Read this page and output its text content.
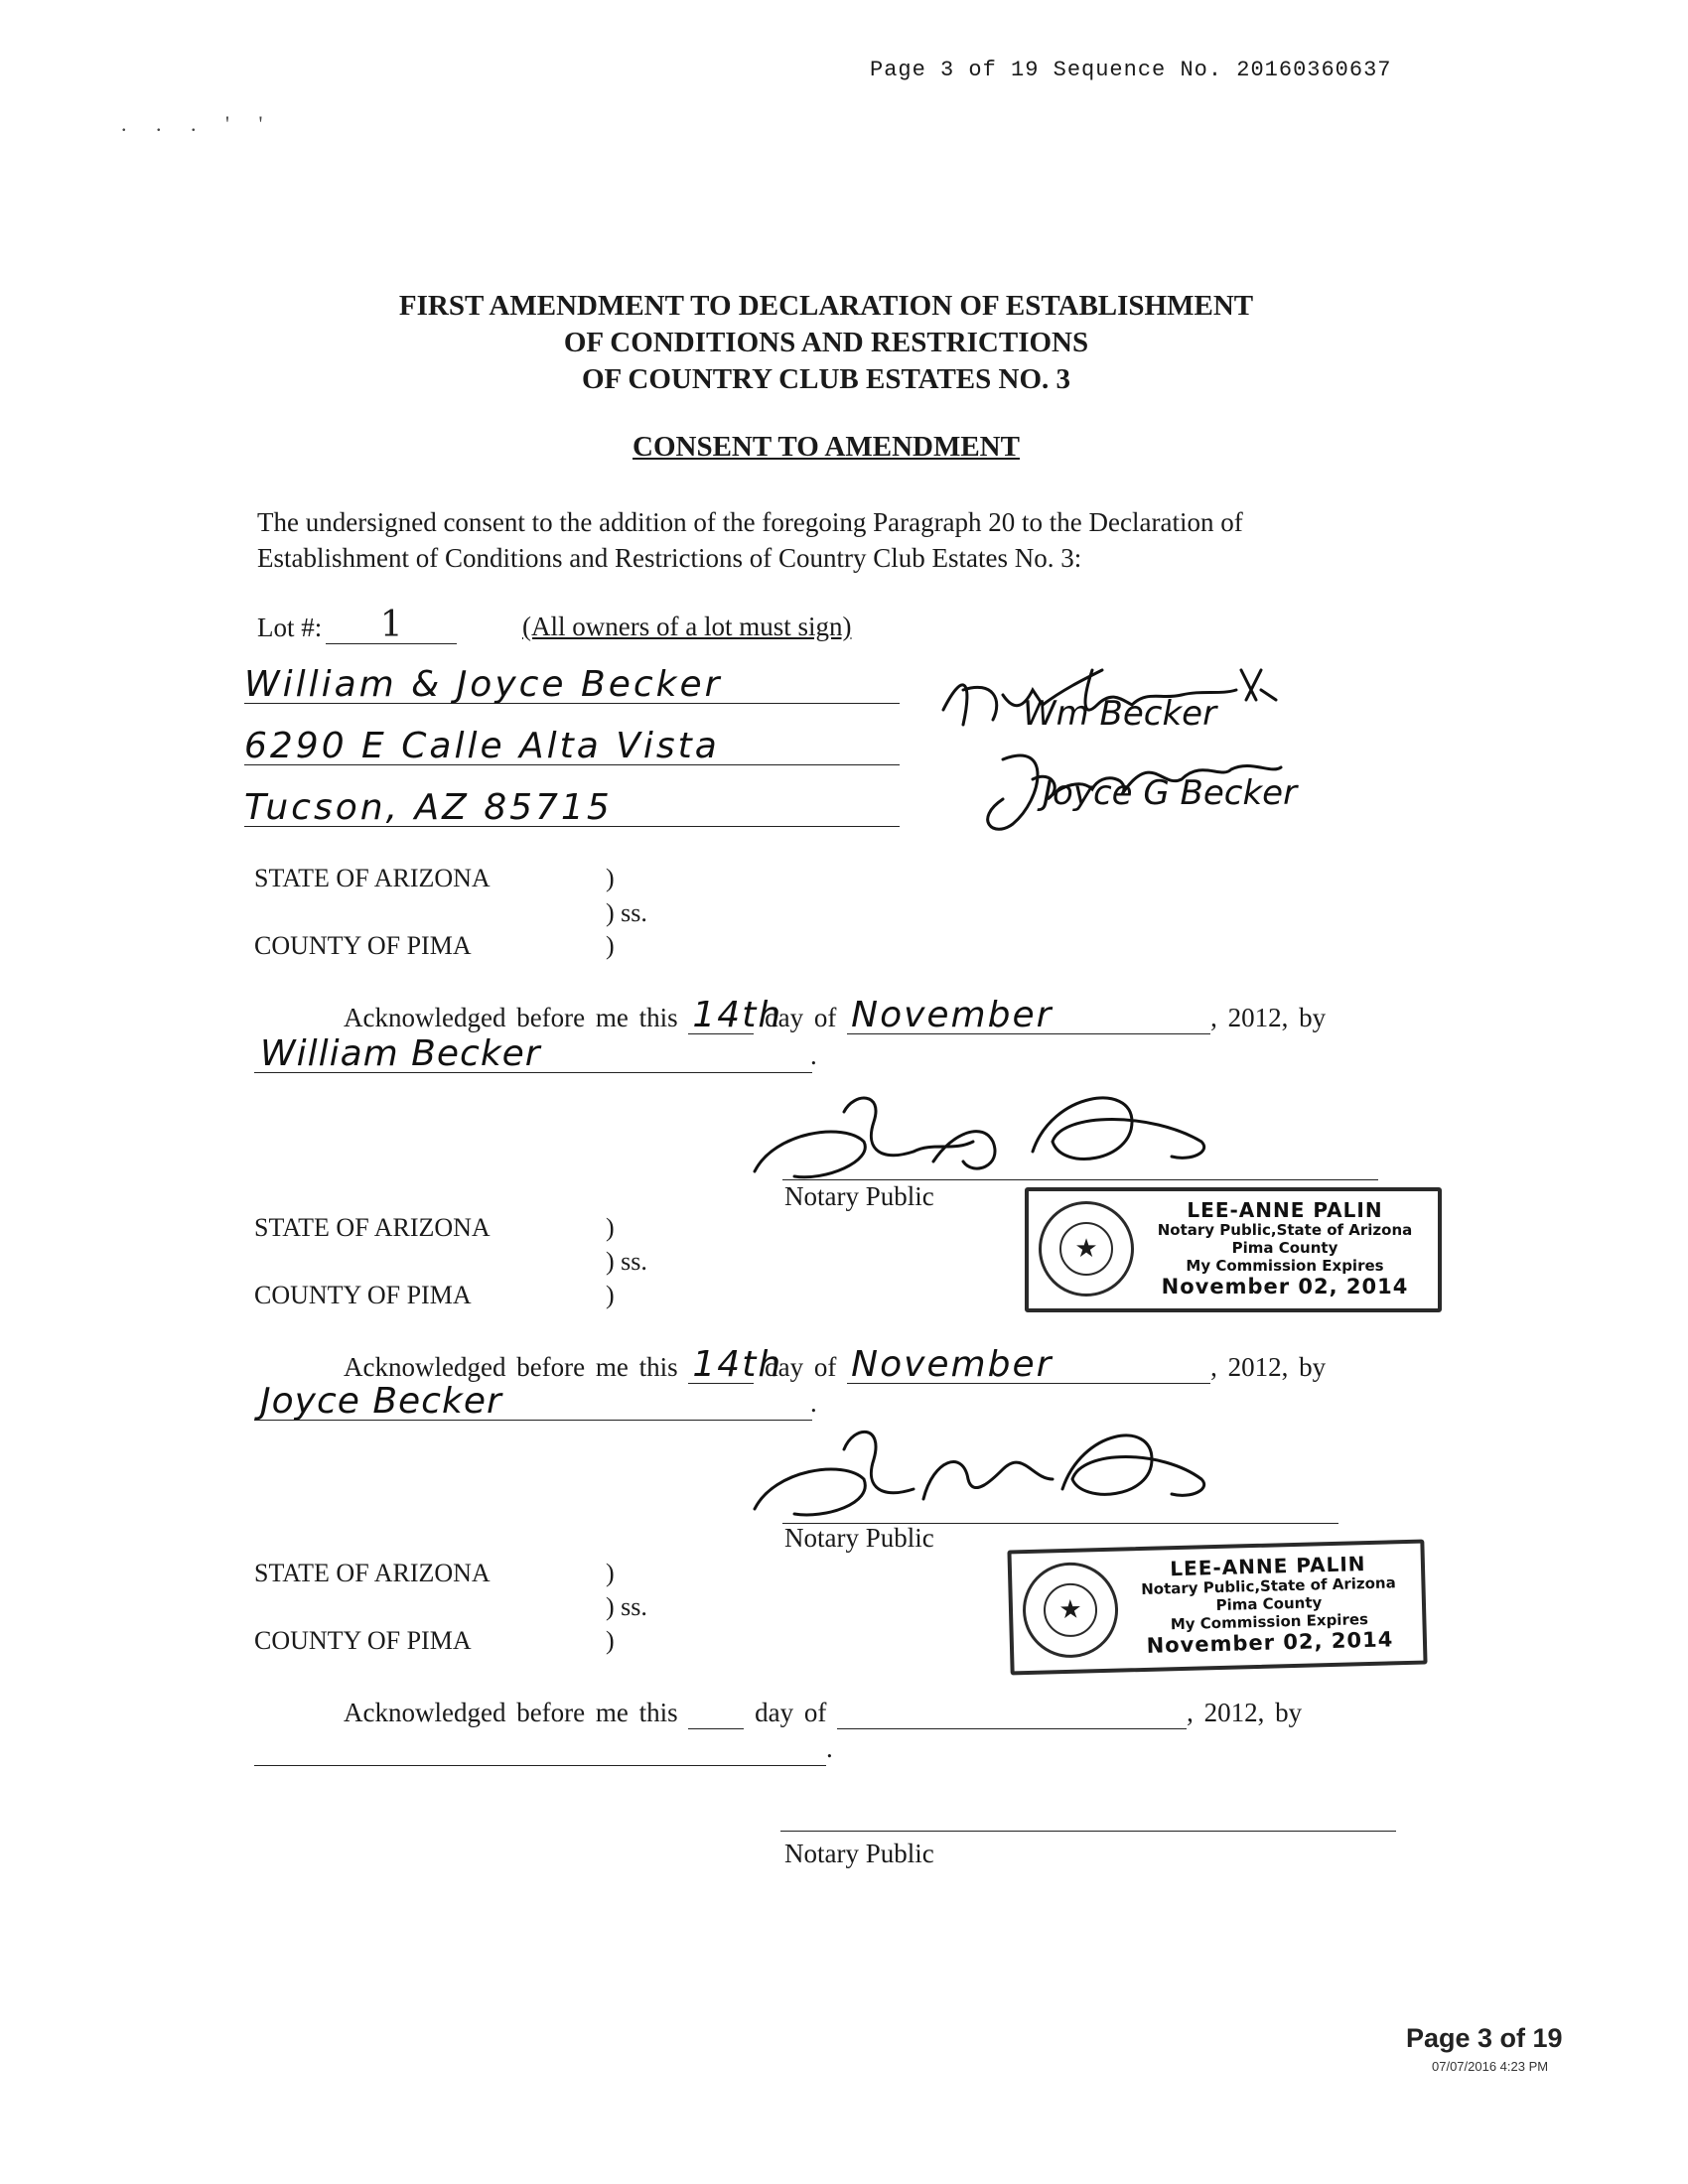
Page 3 of 19 Sequence No. 20160360637
. . . ' '
FIRST AMENDMENT TO DECLARATION OF ESTABLISHMENT
OF CONDITIONS AND RESTRICTIONS
OF COUNTRY CLUB ESTATES NO. 3
CONSENT TO AMENDMENT
The undersigned consent to the addition of the foregoing Paragraph 20 to the Declaration of
Establishment of Conditions and Restrictions of Country Club Estates No. 3:
Lot #: 1	(All owners of a lot must sign)
William & Joyce Becker
6290 E Calle Alta Vista
Tucson, AZ 85715
Wm Becker
Joyce G Becker
STATE OF ARIZONA	)
) ss.
)
COUNTY OF PIMA
Acknowledged before me this 14th
day of November	, 2012, by
William Becker	.
Notary Public
★
LEE-ANNE PALIN
Notary Public,State of Arizona
Pima County
My Commission Expires
November 02, 2014
STATE OF ARIZONA	)
) ss.
)
COUNTY OF PIMA
Acknowledged before me this 14th
day of November	, 2012, by
Joyce Becker	.
Notary Public
★
LEE-ANNE PALIN
Notary Public,State of Arizona
Pima County
My Commission Expires
November 02, 2014
STATE OF ARIZONA	)
) ss.
)
COUNTY OF PIMA
Acknowledged before me this	day of	, 2012, by
.
Notary Public
Page 3 of 19
07/07/2016 4:23 PM
